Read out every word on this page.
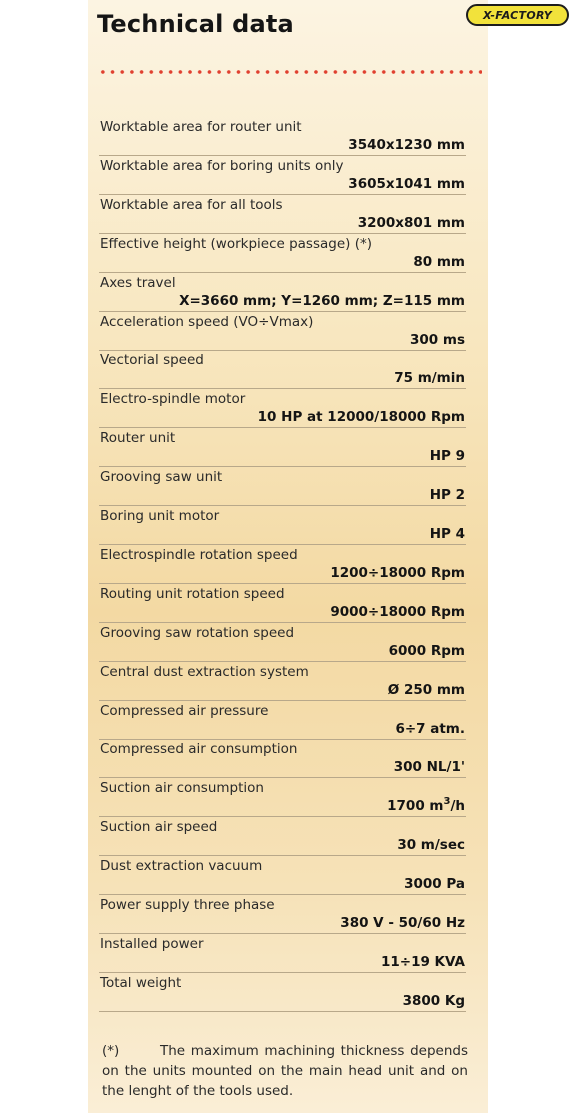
Technical data	X-FACTORY
Worktable area for router unit
3540x1230 mm
Worktable area for boring units only
3605x1041 mm
Worktable area for all tools
3200x801 mm
Effective height (workpiece passage) (*)
80 mm
Axes travel
X=3660 mm; Y=1260 mm; Z=115 mm
Acceleration speed (VO÷Vmax)
300 ms
Vectorial speed
75 m/min
Electro-spindle motor
10 HP at 12000/18000 Rpm
Router unit
HP 9
Grooving saw unit
HP 2
Boring unit motor
HP 4
Electrospindle rotation speed
1200÷18000 Rpm
Routing unit rotation speed
9000÷18000 Rpm
Grooving saw rotation speed
6000 Rpm
Central dust extraction system
Ø 250 mm
Compressed air pressure
6÷7 atm.
Compressed air consumption
300 NL/1'
Suction air consumption
1700 $m^3/h$
Suction air speed
30 m/sec
Dust extraction vacuum
3000 Pa
Power supply three phase
380 V - 50/60 Hz
Installed power
11÷19 KVA
Total weight
3800 Kg
(*)	The maximum machining thickness depends on the units mounted on the main head unit and on the lenght of the tools used.
